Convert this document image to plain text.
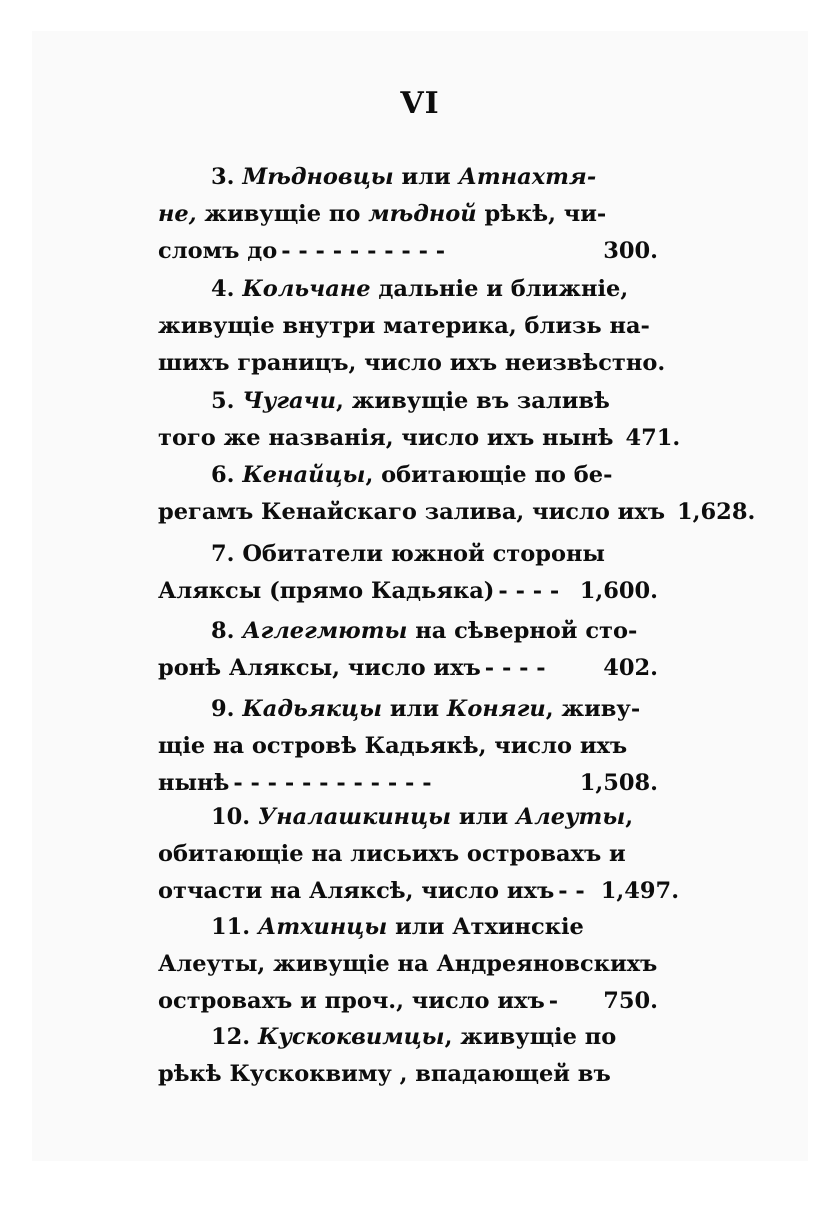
VI
3. Мѣдновцы или Атнахтя-
не, живущіе по мѣдной рѣкѣ, чи-
сломъ до - - - - - - - - - -	300.
4. Кольчане дальніе и ближніе,
живущіе внутри материка, близь на-
шихъ границъ, число ихъ неизвѣстно.
5. Чугачи, живущіе въ заливѣ
того же названія, число ихъ нынѣ 471.
6. Кенайцы, обитающіе по бе-
регамъ Кенайскаго залива, число ихъ 1,628.
7. Обитатели южной стороны
Аляксы (прямо Кадьяка) - - - - 1,600.
8. Аглегмюты на сѣверной сто-
ронѣ Аляксы, число ихъ - - - -	402.
9. Кадьякцы или Коняги, живу-
щіе на островѣ Кадьякѣ, число ихъ
нынѣ - - - - - - - - - - - -	1,508.
10. Уналашкинцы или Алеуты,
обитающіе на лисьихъ островахъ и
отчасти на Аляксѣ, число ихъ - - 1,497.
11. Атхинцы или Атхинскіе
Алеуты, живущіе на Андреяновскихъ
островахъ и проч., число ихъ -	750.
12. Кускоквимцы, живущіе по
рѣкѣ Кускоквиму , впадающей въ
